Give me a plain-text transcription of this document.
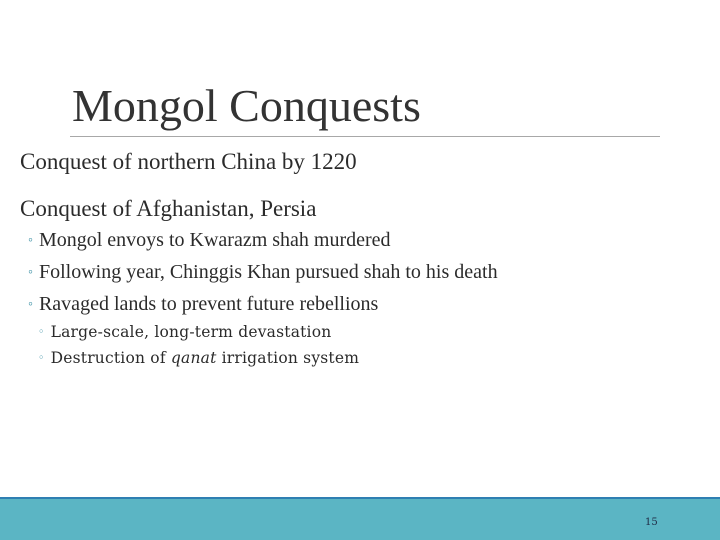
Mongol Conquests
Conquest of northern China by 1220
Conquest of Afghanistan, Persia
◦ Mongol envoys to Kwarazm shah murdered
◦ Following year, Chinggis Khan pursued shah to his death
◦ Ravaged lands to prevent future rebellions
◦ Large-scale, long-term devastation
◦ Destruction of qanat irrigation system
15
